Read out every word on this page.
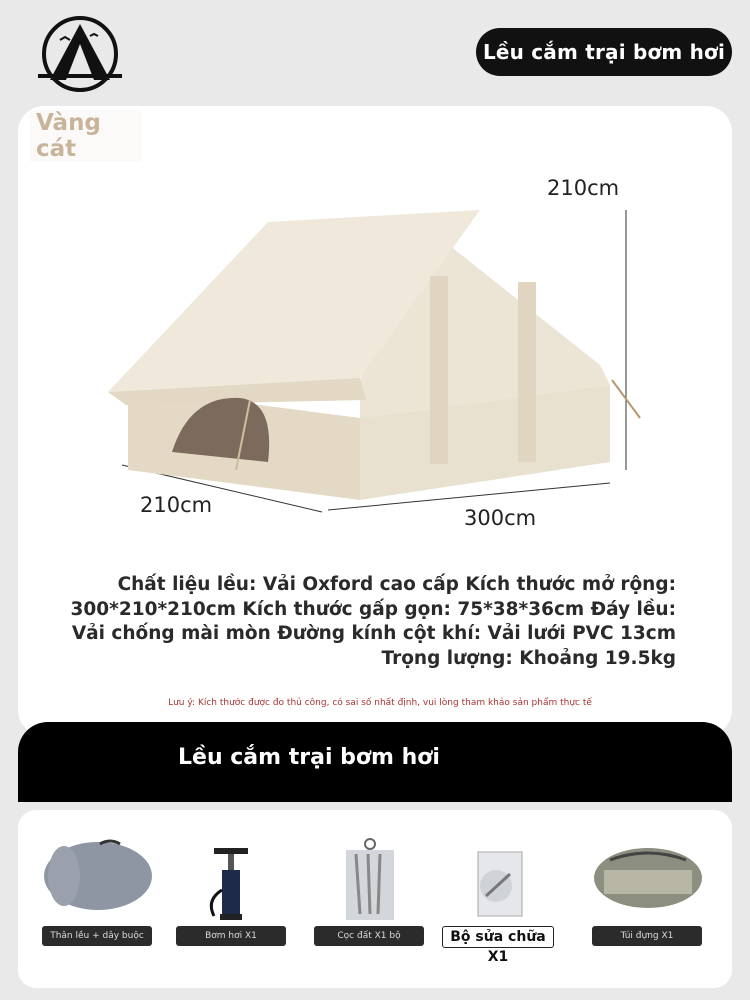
Lều cắm trại bơm hơi
Vàng cát
210cm
210cm
300cm
Chất liệu lều: Vải Oxford cao cấp Kích thước mở rộng: 300*210*210cm Kích thước gấp gọn: 75*38*36cm Đáy lều: Vải chống mài mòn Đường kính cột khí: Vải lưới PVC 13cm Trọng lượng: Khoảng 19.5kg
Lưu ý: Kích thước được đo thủ công, có sai số nhất định, vui lòng tham khảo sản phẩm thực tế
Lều cắm trại bơm hơi
Thân lều + dây buộc	Bơm hơi X1	Cọc đất X1 bộ	Bộ sửa chữa X1
Túi đựng X1
